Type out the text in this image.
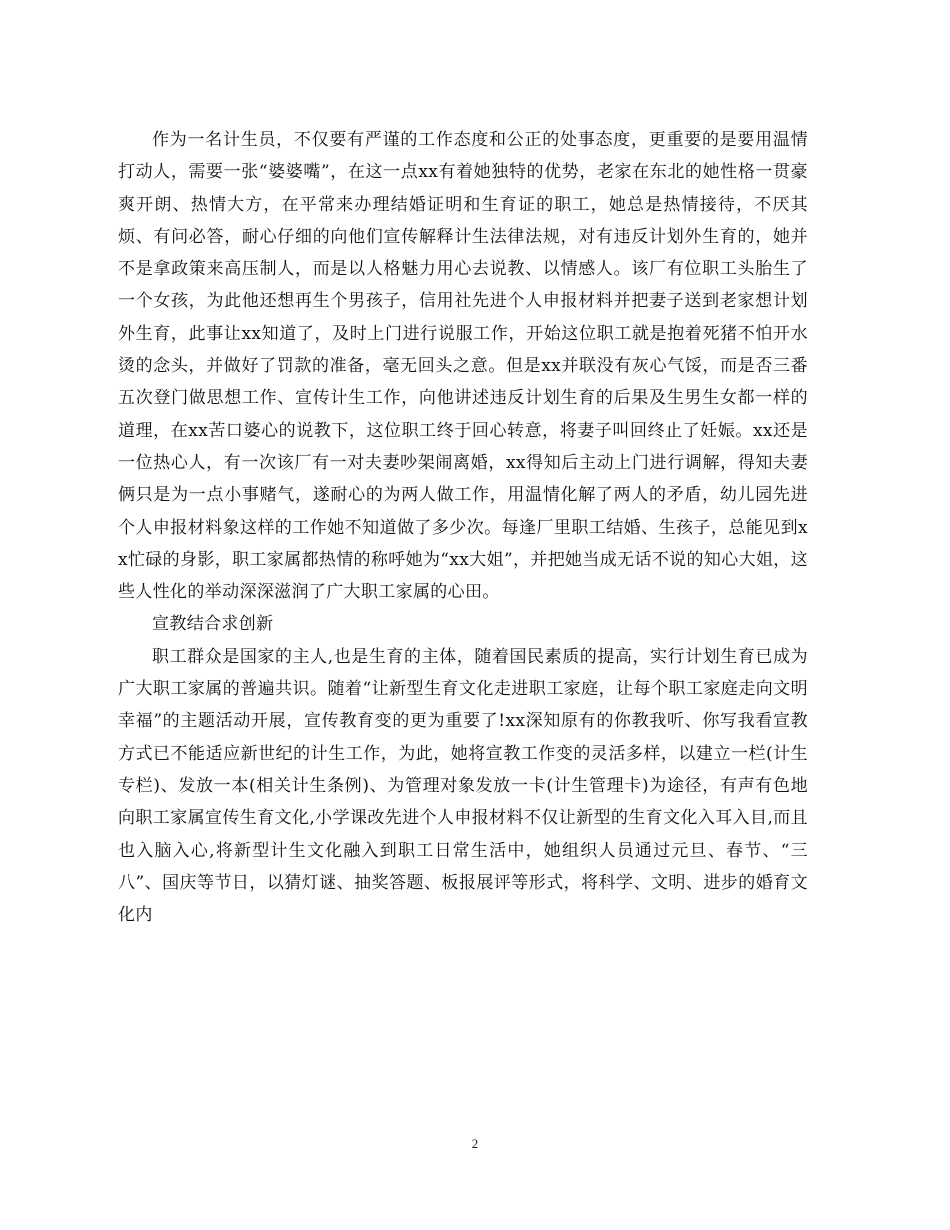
作为一名计生员，不仅要有严谨的工作态度和公正的处事态度，更重要的是要用温情打动人，需要一张“婆婆嘴”，在这一点xx有着她独特的优势，老家在东北的她性格一贯豪爽开朗、热情大方，在平常来办理结婚证明和生育证的职工，她总是热情接待，不厌其烦、有问必答，耐心仔细的向他们宣传解释计生法律法规，对有违反计划外生育的，她并不是拿政策来高压制人，而是以人格魅力用心去说教、以情感人。该厂有位职工头胎生了一个女孩，为此他还想再生个男孩子，信用社先进个人申报材料并把妻子送到老家想计划外生育，此事让xx知道了，及时上门进行说服工作，开始这位职工就是抱着死猪不怕开水烫的念头，并做好了罚款的准备，毫无回头之意。但是xx并联没有灰心气馁，而是否三番五次登门做思想工作、宣传计生工作，向他讲述违反计划生育的后果及生男生女都一样的道理，在xx苦口婆心的说教下，这位职工终于回心转意，将妻子叫回终止了妊娠。xx还是一位热心人，有一次该厂有一对夫妻吵架闹离婚，xx得知后主动上门进行调解，得知夫妻俩只是为一点小事赌气，遂耐心的为两人做工作，用温情化解了两人的矛盾，幼儿园先进个人申报材料象这样的工作她不知道做了多少次。每逢厂里职工结婚、生孩子，总能见到xx忙碌的身影，职工家属都热情的称呼她为“xx大姐”，并把她当成无话不说的知心大姐，这些人性化的举动深深滋润了广大职工家属的心田。

宣教结合求创新

职工群众是国家的主人,也是生育的主体，随着国民素质的提高，实行计划生育已成为广大职工家属的普遍共识。随着“让新型生育文化走进职工家庭，让每个职工家庭走向文明幸福”的主题活动开展，宣传教育变的更为重要了!xx深知原有的你教我听、你写我看宣教方式已不能适应新世纪的计生工作，为此，她将宣教工作变的灵活多样，以建立一栏(计生专栏)、发放一本(相关计生条例)、为管理对象发放一卡(计生管理卡)为途径，有声有色地向职工家属宣传生育文化,小学课改先进个人申报材料不仅让新型的生育文化入耳入目,而且也入脑入心,将新型计生文化融入到职工日常生活中，她组织人员通过元旦、春节、“三八”、国庆等节日，以猜灯谜、抽奖答题、板报展评等形式，将科学、文明、进步的婚育文化内

2
